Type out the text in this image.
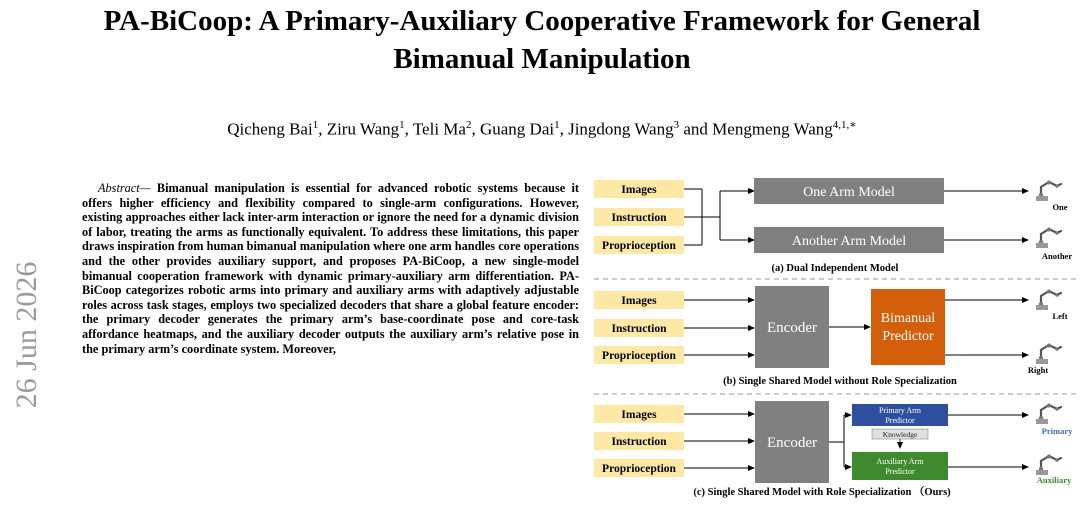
PA-BiCoop: A Primary-Auxiliary Cooperative Framework for General
Bimanual Manipulation
Qicheng Bai$^1$, Ziru Wang$^1$, Teli Ma$^2$, Guang Dai$^1$, Jingdong Wang$^3$ and Mengmeng Wang$^{4,1,∗}$
26 Jun 2026
Abstract— Bimanual manipulation is essential for advanced robotic systems because it offers higher efficiency and flexibility compared to single-arm configurations. However, existing approaches either lack inter-arm interaction or ignore the need for a dynamic division of labor, treating the arms as functionally equivalent. To address these limitations, this paper draws inspiration from human bimanual manipulation where one arm handles core operations and the other provides auxiliary support, and proposes PA-BiCoop, a new single-model bimanual cooperation framework with dynamic primary-auxiliary arm differentiation. PA-BiCoop categorizes robotic arms into primary and auxiliary arms with adaptively adjustable roles across task stages, employs two specialized decoders that share a global feature encoder: the primary decoder generates the primary arm’s base-coordinate pose and core-task affordance heatmaps, and the auxiliary decoder outputs the auxiliary arm’s relative pose in the primary arm’s coordinate system. Moreover,
Images
Instruction
Proprioception
One Arm Model
Another Arm Model
One
Another
(a) Dual Independent Model
Images
Instruction
Proprioception
Encoder
Bimanual
Predictor
Left
Right
(b) Single Shared Model without Role Specialization
Images
Instruction
Proprioception
Encoder
Primary Arm
Predictor
Knowledge
Auxiliary Arm
Predictor
Primary
Auxiliary
(c) Single Shared Model with Role Specialization （Ours)
